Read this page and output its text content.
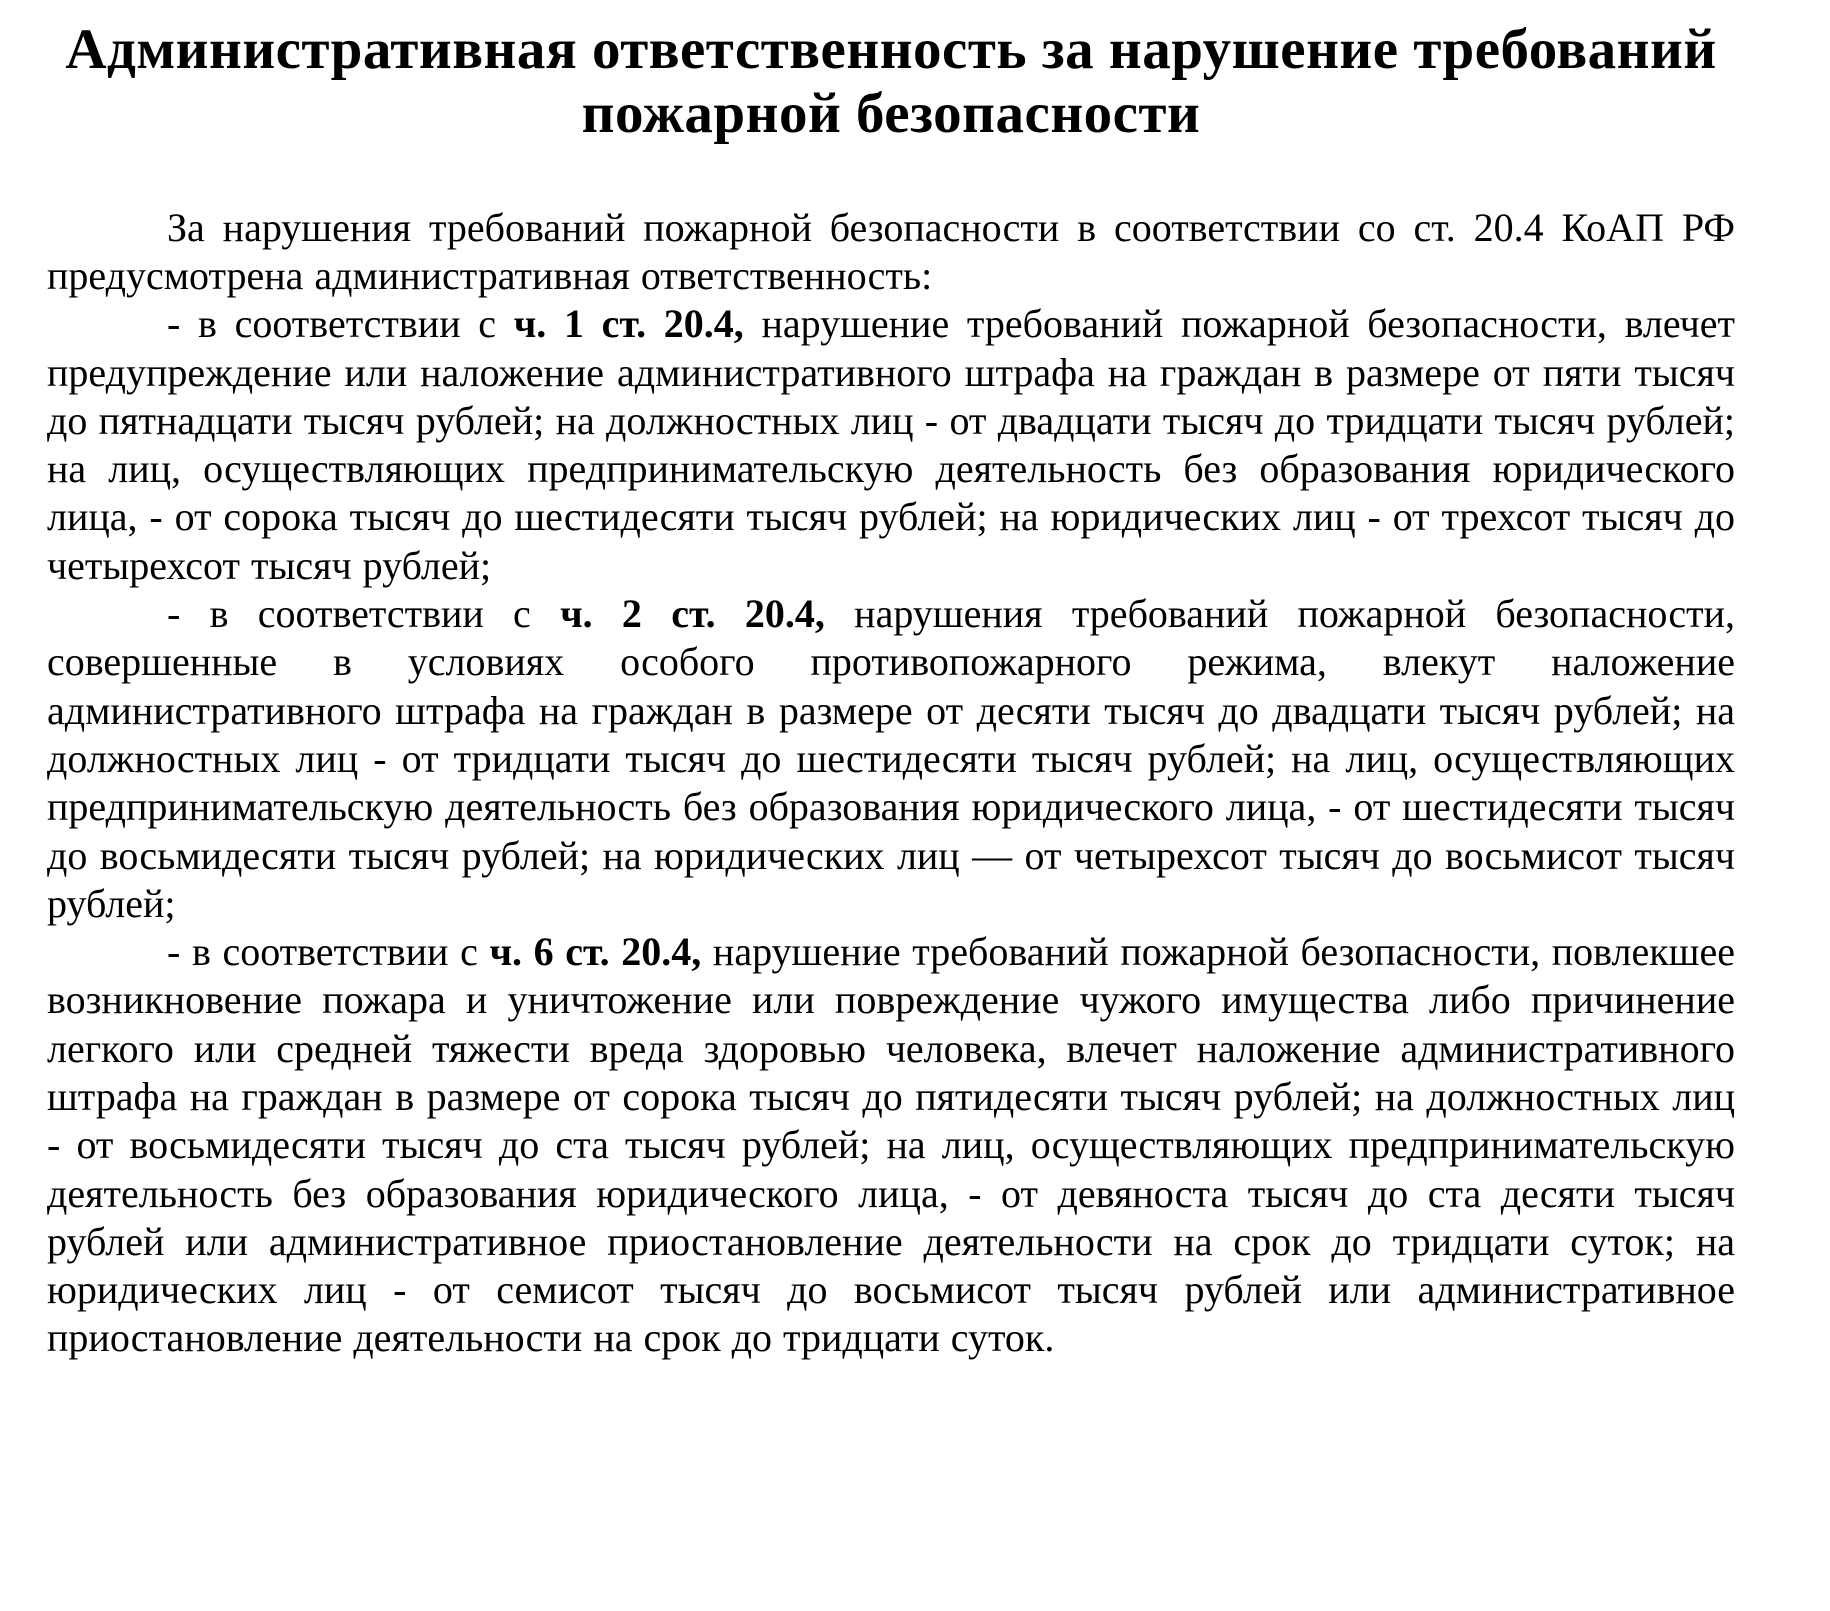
Административная ответственность за нарушение требований пожарной безопасности

За нарушения требований пожарной безопасности в соответствии со ст. 20.4 КоАП РФ предусмотрена административная ответственность:

- в соответствии с ч. 1 ст. 20.4, нарушение требований пожарной безопасности, влечет предупреждение или наложение административного штрафа на граждан в размере от пяти тысяч до пятнадцати тысяч рублей; на должностных лиц - от двадцати тысяч до тридцати тысяч рублей; на лиц, осуществляющих предпринимательскую деятельность без образования юридического лица, - от сорока тысяч до шестидесяти тысяч рублей; на юридических лиц - от трехсот тысяч до четырехсот тысяч рублей;

- в соответствии с ч. 2 ст. 20.4, нарушения требований пожарной безопасности, совершенные в условиях особого противопожарного режима, влекут наложение административного штрафа на граждан в размере от десяти тысяч до двадцати тысяч рублей; на должностных лиц - от тридцати тысяч до шестидесяти тысяч рублей; на лиц, осуществляющих предпринимательскую деятельность без образования юридического лица, - от шестидесяти тысяч до восьмидесяти тысяч рублей; на юридических лиц — от четырехсот тысяч до восьмисот тысяч рублей;

- в соответствии с ч. 6 ст. 20.4, нарушение требований пожарной безопасности, повлекшее возникновение пожара и уничтожение или повреждение чужого имущества либо причинение легкого или средней тяжести вреда здоровью человека, влечет наложение административного штрафа на граждан в размере от сорока тысяч до пятидесяти тысяч рублей; на должностных лиц - от восьмидесяти тысяч до ста тысяч рублей; на лиц, осуществляющих предпринимательскую деятельность без образования юридического лица, - от девяноста тысяч до ста десяти тысяч рублей или административное приостановление деятельности на срок до тридцати суток; на юридических лиц - от семисот тысяч до восьмисот тысяч рублей или административное приостановление деятельности на срок до тридцати суток.
